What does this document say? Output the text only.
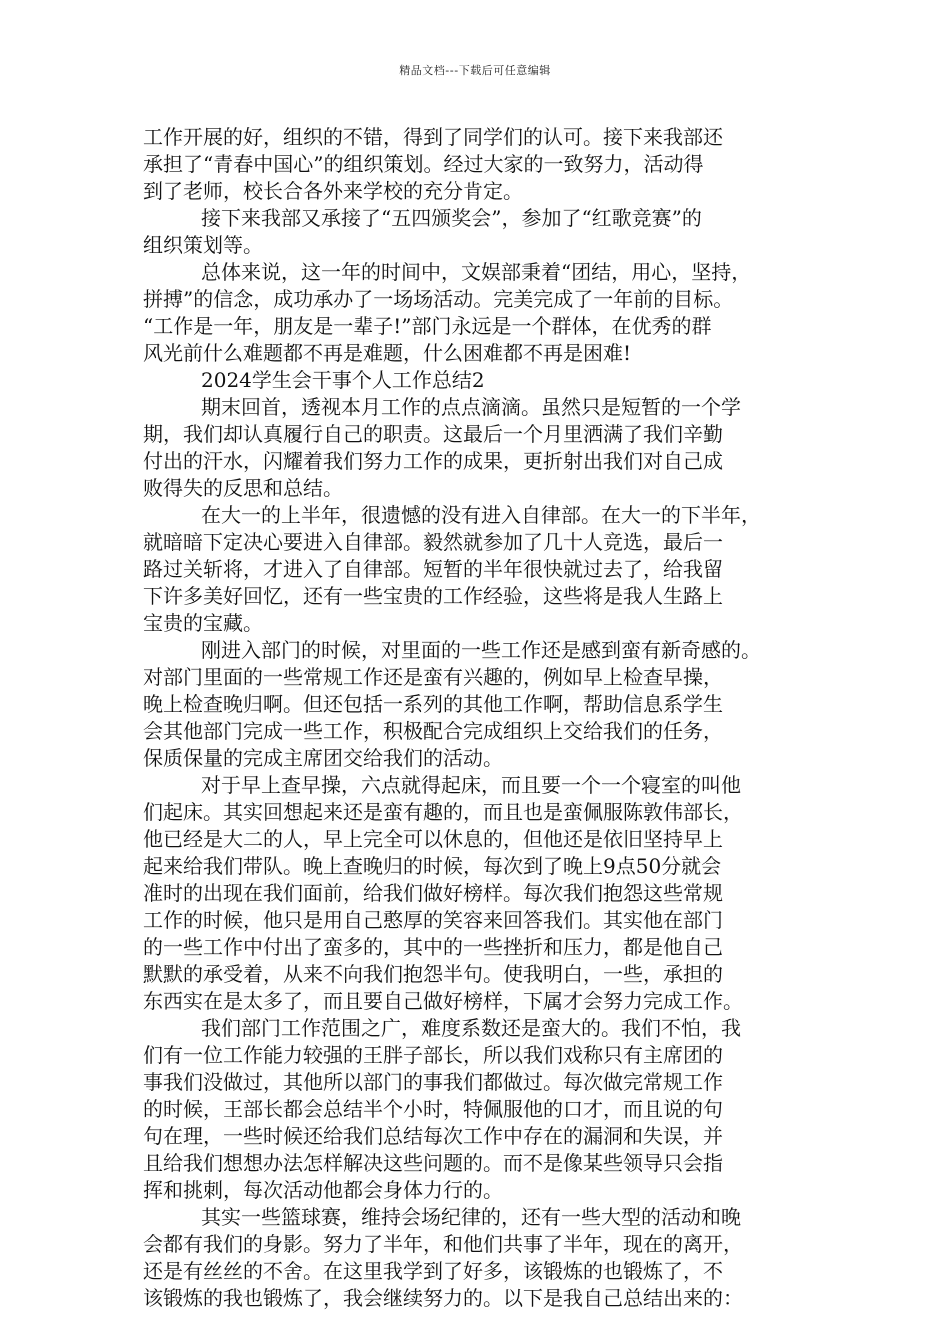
精品文档---下载后可任意编辑
工作开展的好，组织的不错，得到了同学们的认可。接下来我部还
承担了“青春中国心”的组织策划。经过大家的一致努力，活动得
到了老师，校长合各外来学校的充分肯定。
接下来我部又承接了“五四颁奖会”，参加了“红歌竞赛”的
组织策划等。
总体来说，这一年的时间中，文娱部秉着“团结，用心，坚持，
拼搏”的信念，成功承办了一场场活动。完美完成了一年前的目标。
“工作是一年，朋友是一辈子!”部门永远是一个群体，在优秀的群
风光前什么难题都不再是难题，什么困难都不再是困难!
2024学生会干事个人工作总结2
期末回首，透视本月工作的点点滴滴。虽然只是短暂的一个学
期，我们却认真履行自己的职责。这最后一个月里洒满了我们辛勤
付出的汗水，闪耀着我们努力工作的成果，更折射出我们对自己成
败得失的反思和总结。
在大一的上半年，很遗憾的没有进入自律部。在大一的下半年，
就暗暗下定决心要进入自律部。毅然就参加了几十人竞选，最后一
路过关斩将，才进入了自律部。短暂的半年很快就过去了，给我留
下许多美好回忆，还有一些宝贵的工作经验，这些将是我人生路上
宝贵的宝藏。
刚进入部门的时候，对里面的一些工作还是感到蛮有新奇感的。
对部门里面的一些常规工作还是蛮有兴趣的，例如早上检查早操，
晚上检查晚归啊。但还包括一系列的其他工作啊，帮助信息系学生
会其他部门完成一些工作，积极配合完成组织上交给我们的任务，
保质保量的完成主席团交给我们的活动。
对于早上查早操，六点就得起床，而且要一个一个寝室的叫他
们起床。其实回想起来还是蛮有趣的，而且也是蛮佩服陈敦伟部长，
他已经是大二的人，早上完全可以休息的，但他还是依旧坚持早上
起来给我们带队。晚上查晚归的时候，每次到了晚上9点50分就会
准时的出现在我们面前，给我们做好榜样。每次我们抱怨这些常规
工作的时候，他只是用自己憨厚的笑容来回答我们。其实他在部门
的一些工作中付出了蛮多的，其中的一些挫折和压力，都是他自己
默默的承受着，从来不向我们抱怨半句。使我明白，一些，承担的
东西实在是太多了，而且要自己做好榜样，下属才会努力完成工作。
我们部门工作范围之广，难度系数还是蛮大的。我们不怕，我
们有一位工作能力较强的王胖子部长，所以我们戏称只有主席团的
事我们没做过，其他所以部门的事我们都做过。每次做完常规工作
的时候，王部长都会总结半个小时，特佩服他的口才，而且说的句
句在理，一些时候还给我们总结每次工作中存在的漏洞和失误，并
且给我们想想办法怎样解决这些问题的。而不是像某些领导只会指
挥和挑刺，每次活动他都会身体力行的。
其实一些篮球赛，维持会场纪律的，还有一些大型的活动和晚
会都有我们的身影。努力了半年，和他们共事了半年，现在的离开，
还是有丝丝的不舍。在这里我学到了好多，该锻炼的也锻炼了，不
该锻炼的我也锻炼了，我会继续努力的。以下是我自己总结出来的：
